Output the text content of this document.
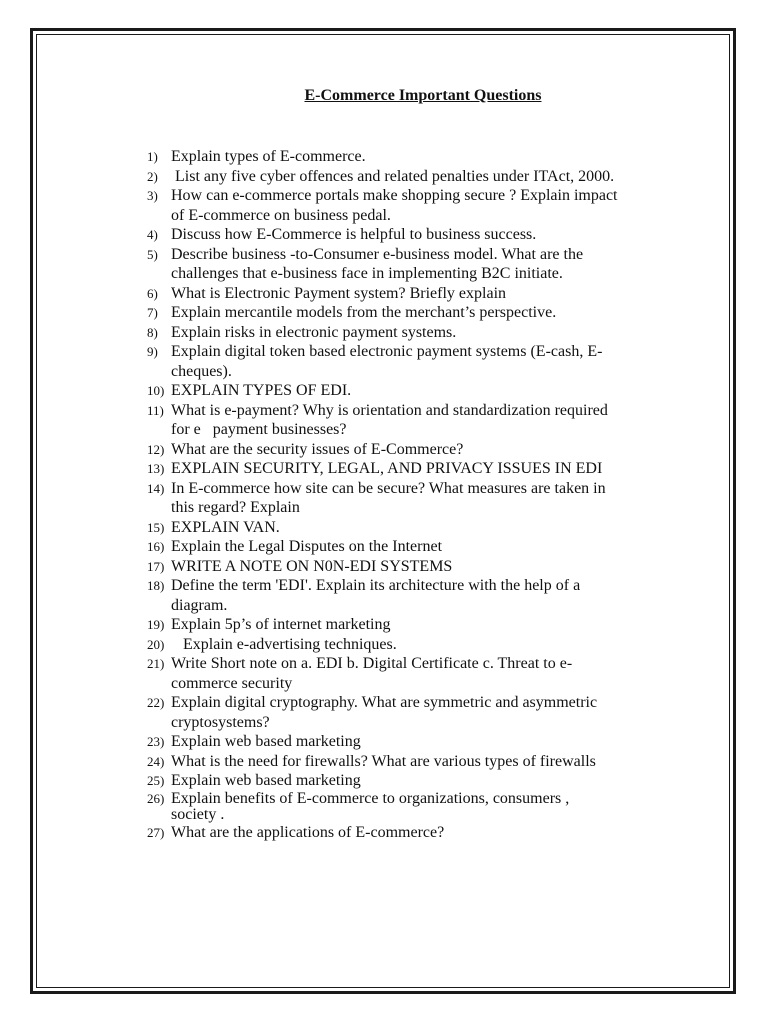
E-Commerce Important Questions
1) Explain types of E-commerce.
2) List any five cyber offences and related penalties under ITAct, 2000.
3) How can e-commerce portals make shopping secure ? Explain impact
of E-commerce on business pedal.
4) Discuss how E-Commerce is helpful to business success.
5) Describe business -to-Consumer e-business model. What are the
challenges that e-business face in implementing B2C initiate.
6) What is Electronic Payment system? Briefly explain
7) Explain mercantile models from the merchant’s perspective.
8) Explain risks in electronic payment systems.
9) Explain digital token based electronic payment systems (E-cash, E-
cheques).
10) EXPLAIN TYPES OF EDI.
11) What is e-payment? Why is orientation and standardization required
for e   payment businesses?
12) What are the security issues of E-Commerce?
13) EXPLAIN SECURITY, LEGAL, AND PRIVACY ISSUES IN EDI
14) In E-commerce how site can be secure? What measures are taken in
this regard? Explain
15) EXPLAIN VAN.
16) Explain the Legal Disputes on the Internet
17) WRITE A NOTE ON N0N-EDI SYSTEMS
18) Define the term 'EDI'. Explain its architecture with the help of a
diagram.
19) Explain 5p’s of internet marketing
20) Explain e-advertising techniques.
21) Write Short note on a. EDI b. Digital Certificate c. Threat to e-
commerce security
22) Explain digital cryptography. What are symmetric and asymmetric
cryptosystems?
23) Explain web based marketing
24) What is the need for firewalls? What are various types of firewalls
25) Explain web based marketing
26) Explain benefits of E-commerce to organizations, consumers ,
society .
27) What are the applications of E-commerce?
